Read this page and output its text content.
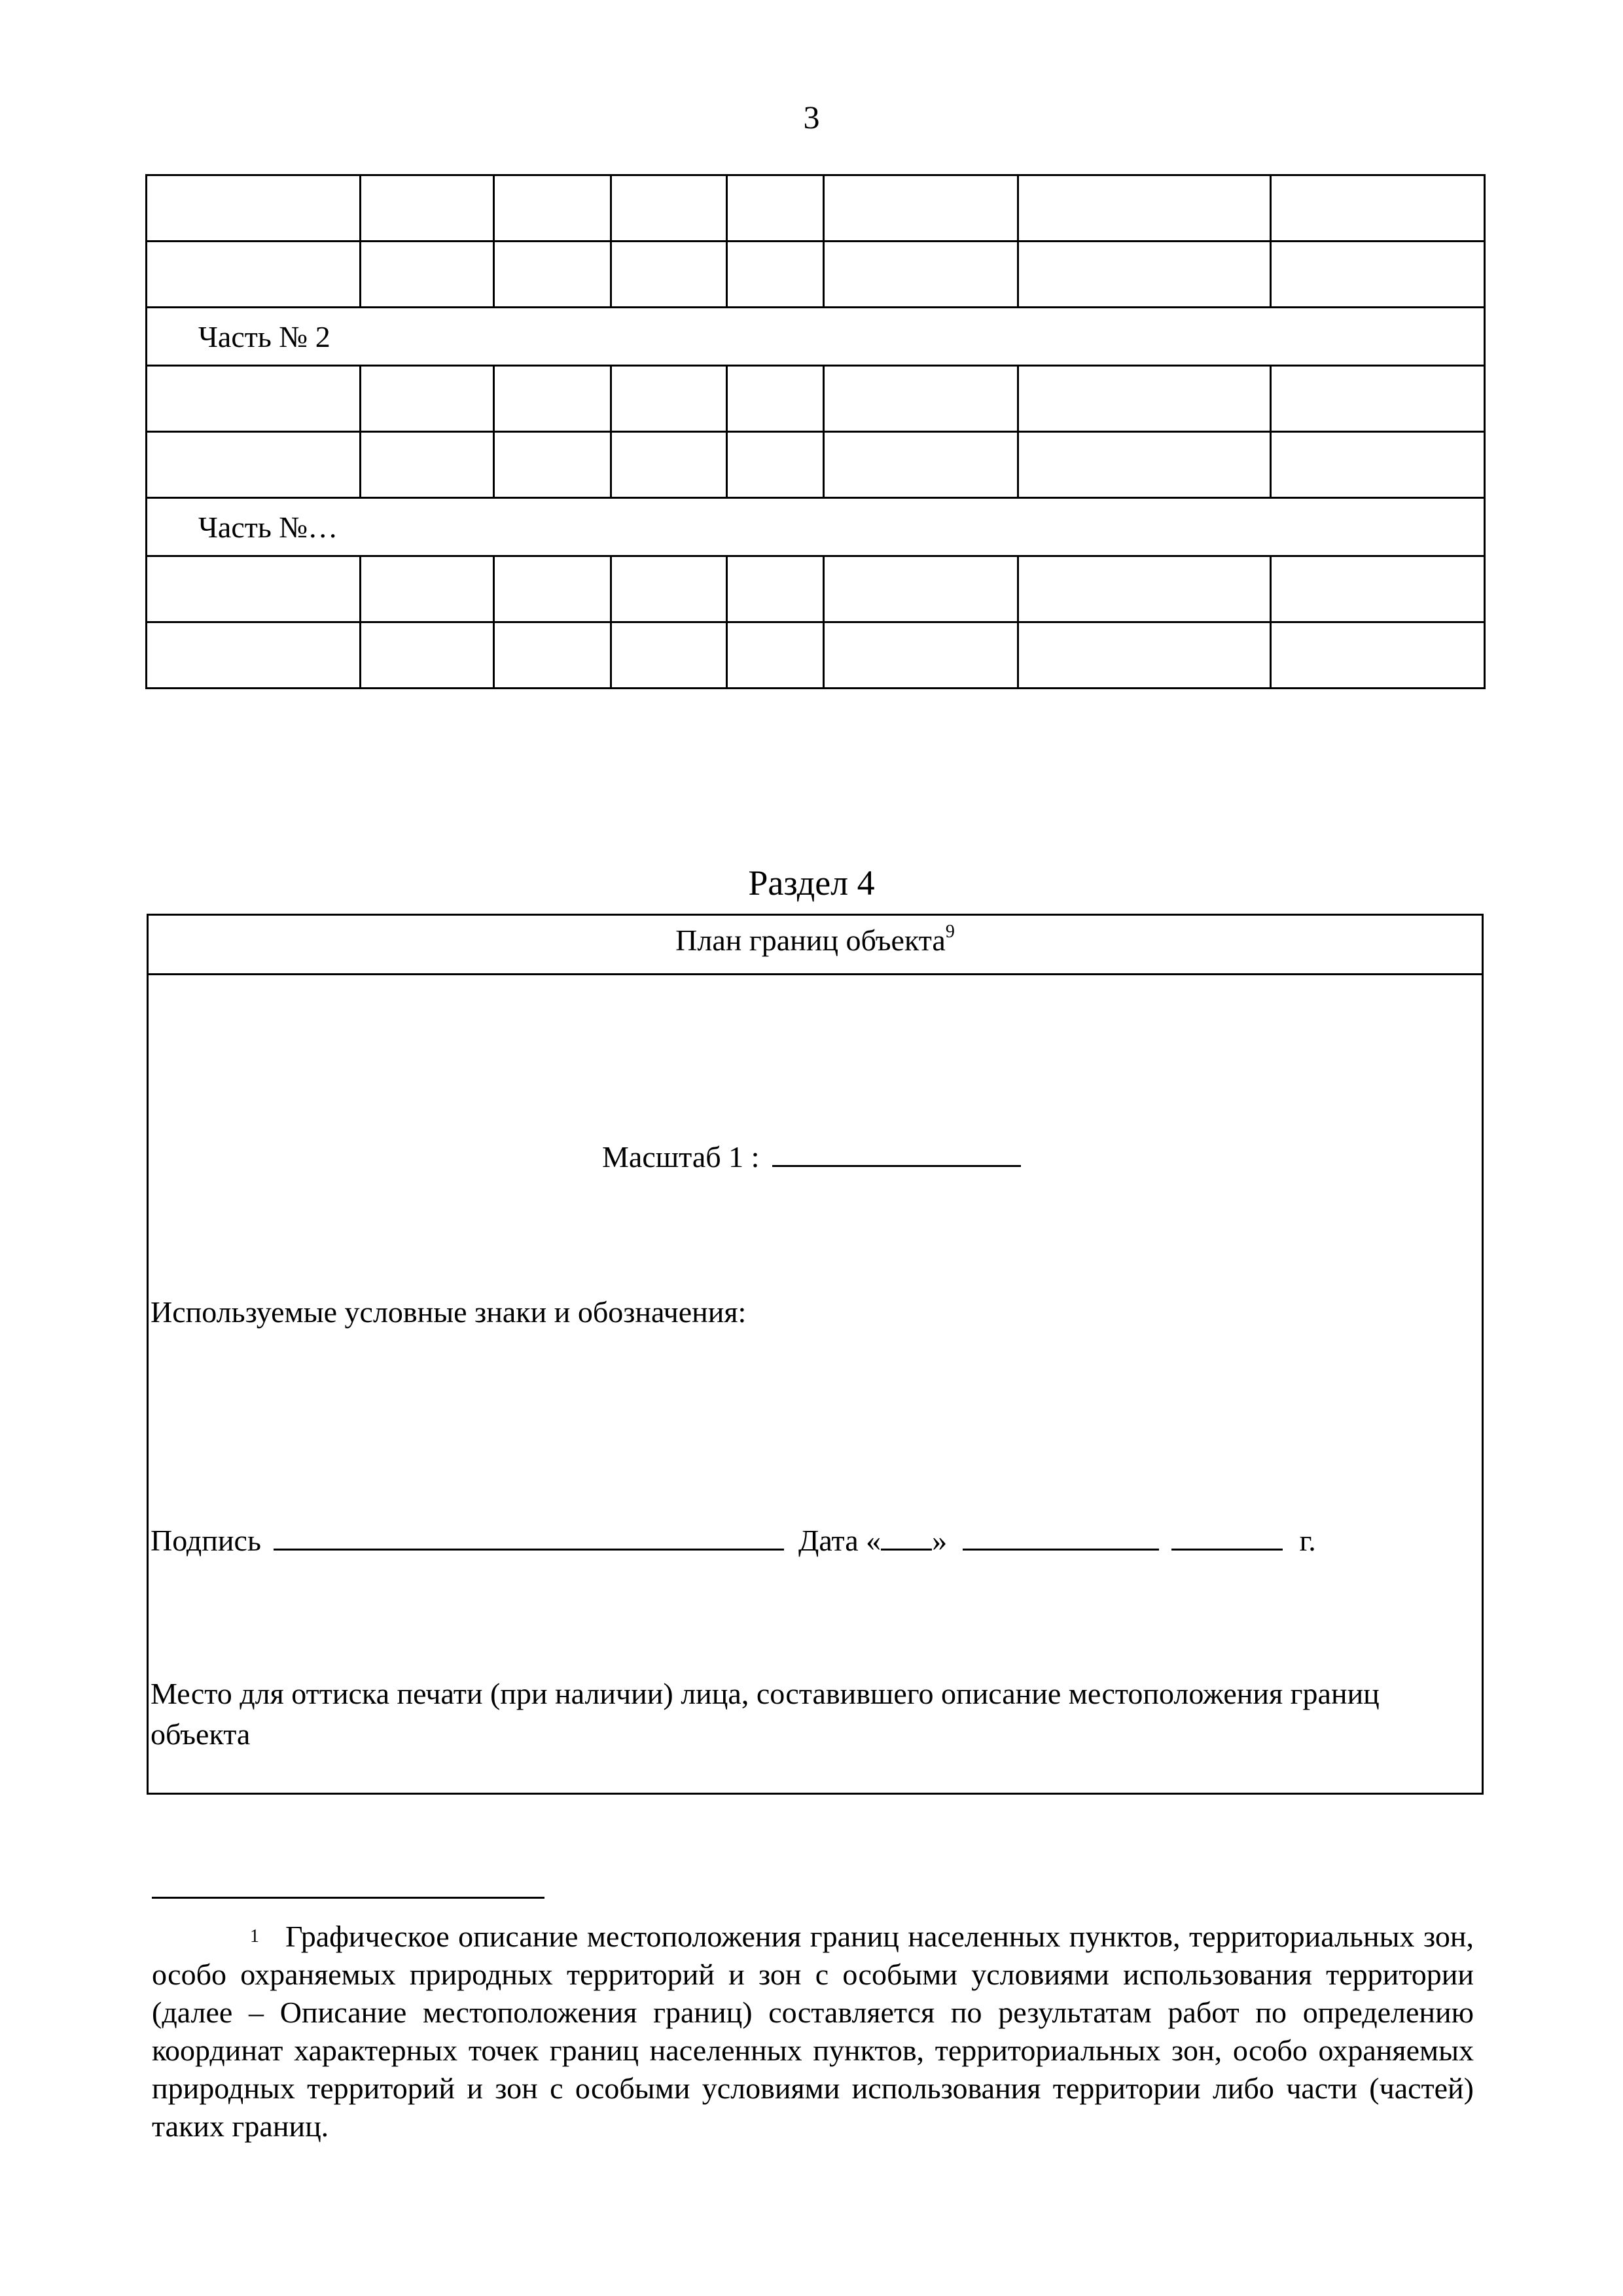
3

Часть № 2							

Часть №…							

Раздел 4
План границ объекта$^9$
Масштаб 1 :
Используемые условные знаки и обозначения:
Подпись	Дата « »	г.
Место для оттиска печати (при наличии) лица, составившего описание местоположения границ объекта
$^1$ Графическое описание местоположения границ населенных пунктов, территориальных зон, особо охраняемых природных территорий и зон с особыми условиями использования территории (далее – Описание местоположения границ) составляется по результатам работ по определению координат характерных точек границ населенных пунктов, территориальных зон, особо охраняемых природных территорий и зон с особыми условиями использования территории либо части (частей) таких границ.
